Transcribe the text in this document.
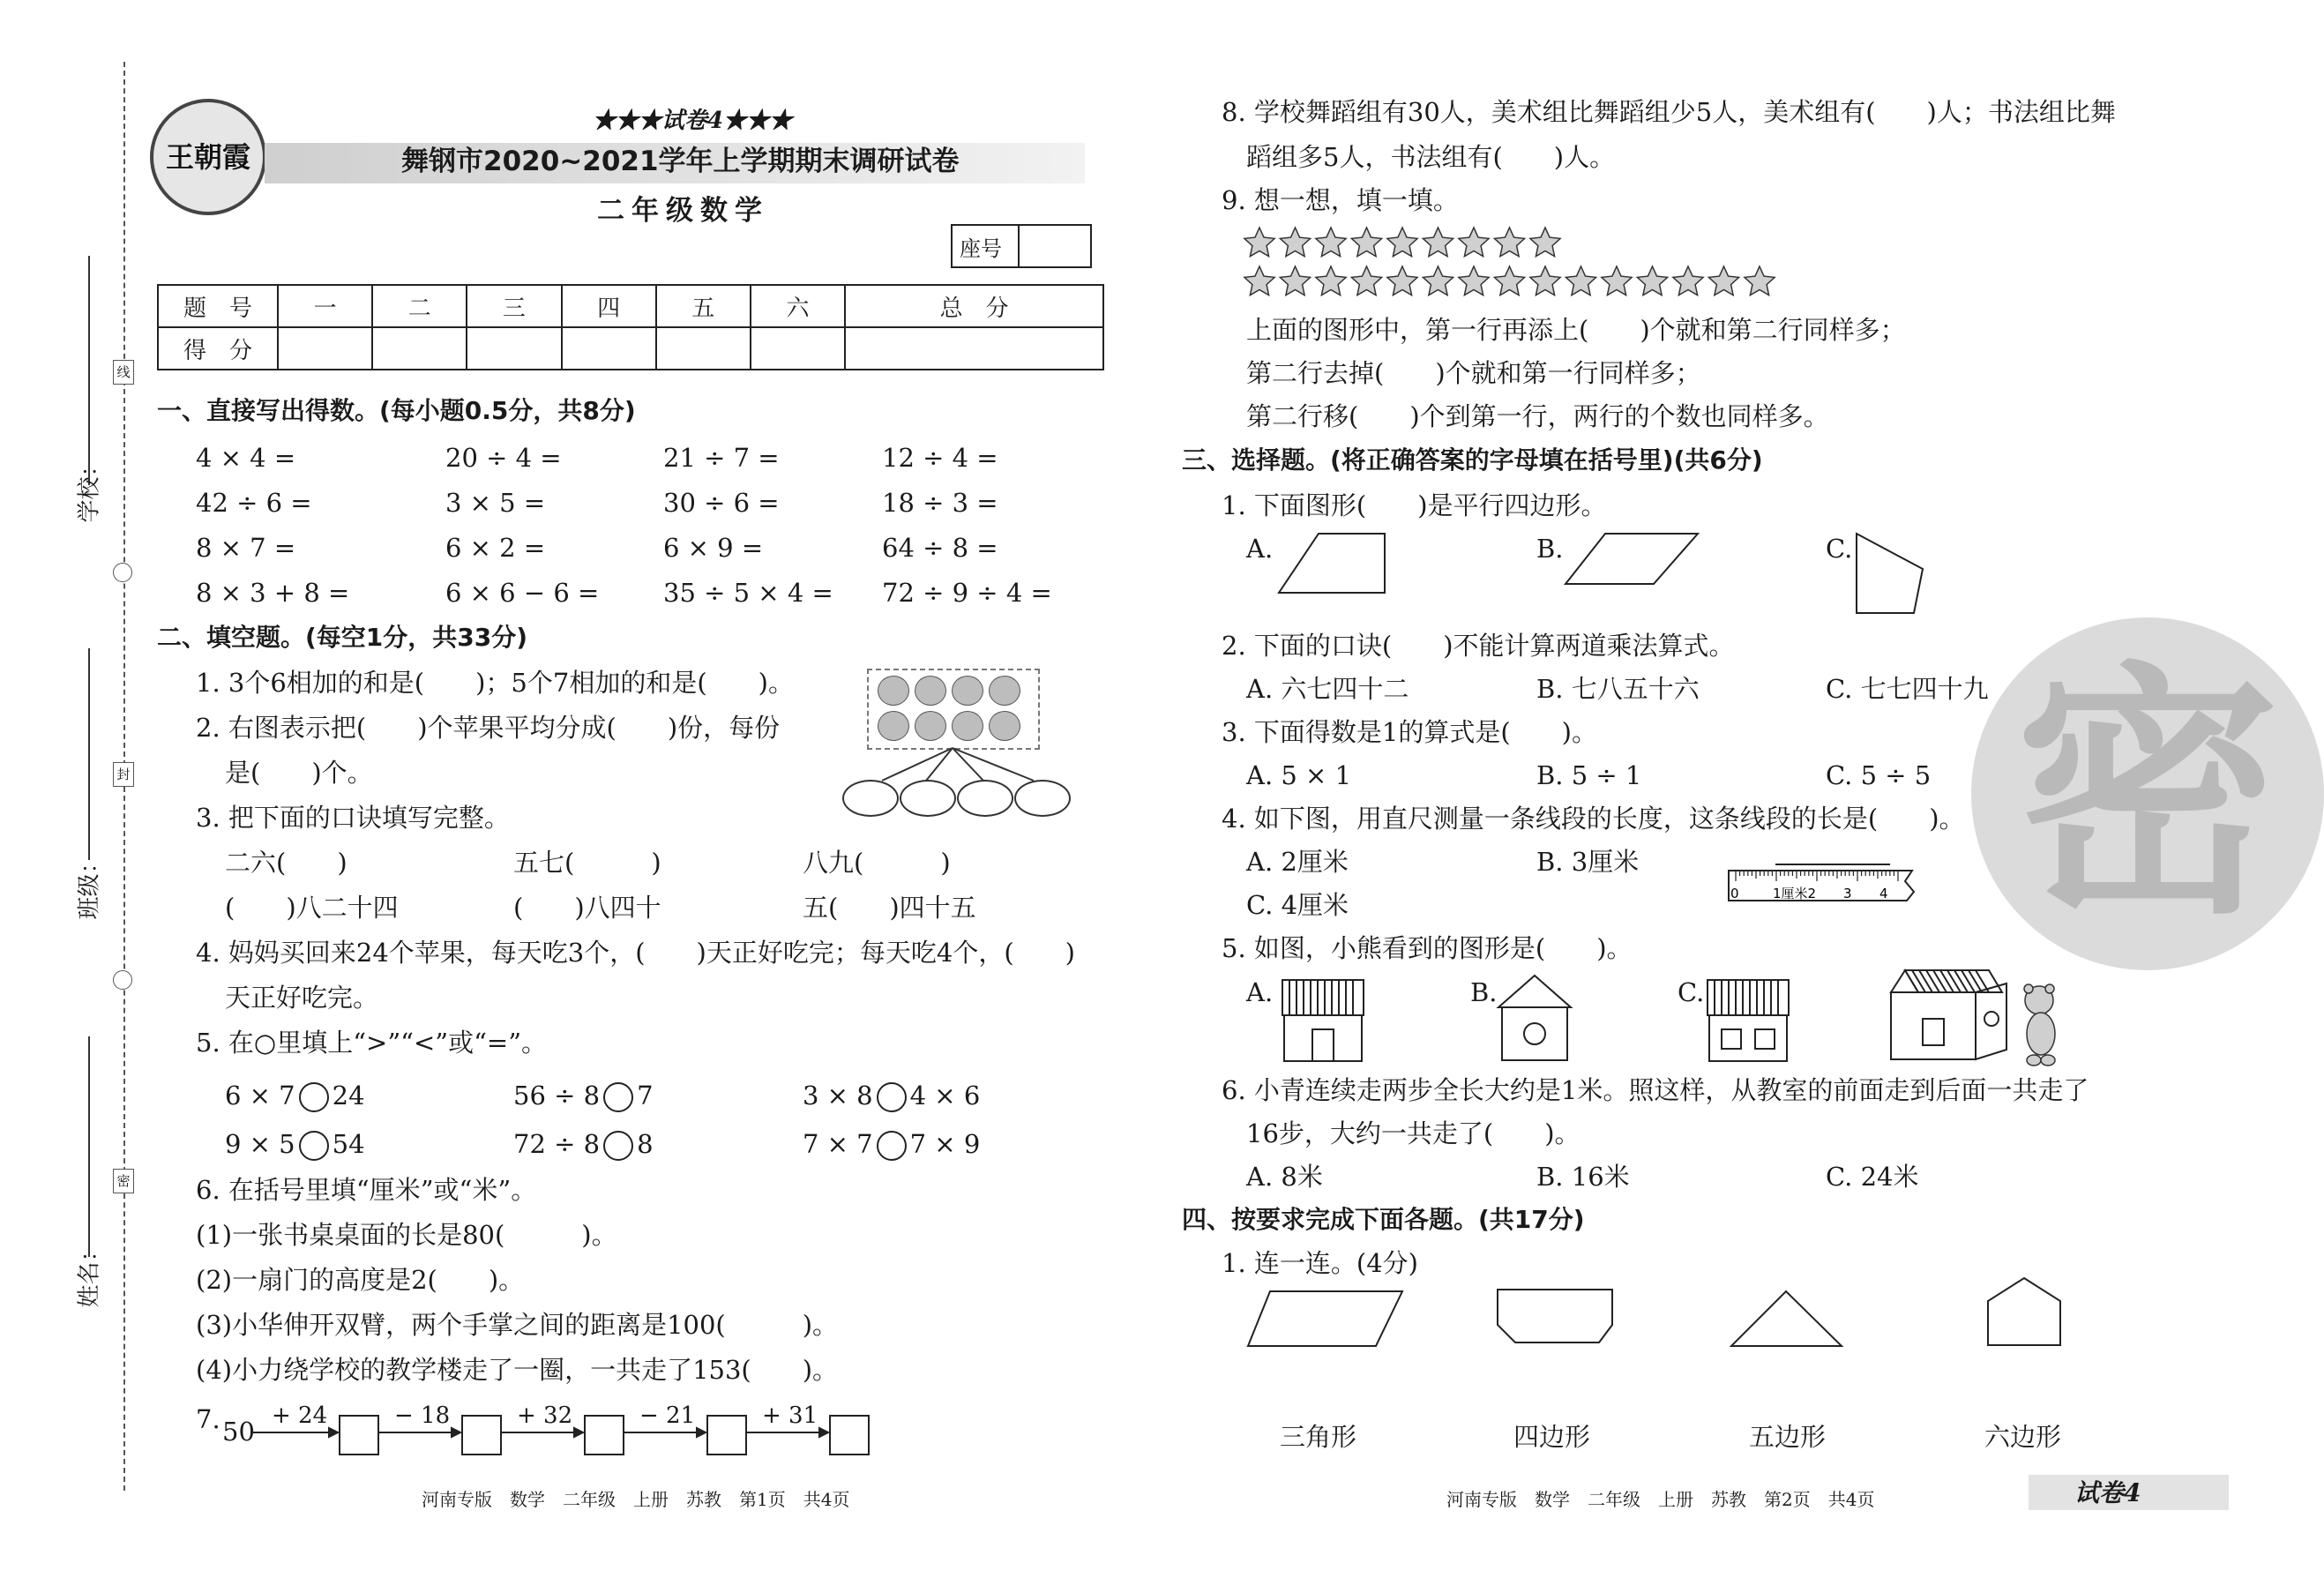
学校：
班级：
姓名：
线
封
密
王朝霞
★★★试卷4★★★
舞钢市2020~2021学年上学期期末调研试卷
二年级数学
座号
题　号	一	二	三	四	五	六	总　分
得　分							
一、直接写出得数。(每小题0.5分，共8分)
4 × 4 =	20 ÷ 4 =	21 ÷ 7 =	12 ÷ 4 =
42 ÷ 6 =	3 × 5 =	30 ÷ 6 =	18 ÷ 3 =
8 × 7 =	6 × 2 =	6 × 9 =	64 ÷ 8 =
8 × 3 + 8 =	6 × 6 − 6 =	35 ÷ 5 × 4 = 72 ÷ 9 ÷ 4 =
二、填空题。(每空1分，共33分)
1. 3个6相加的和是(　　)；5个7相加的和是(　　)。
2. 右图表示把(　　)个苹果平均分成(　　)份，每份
是(　　)个。
3. 把下面的口诀填写完整。
二六(　　)	五七(　　　)	八九(　　　)
(　　)八二十四	(　　)八四十	五(　　)四十五
4. 妈妈买回来24个苹果，每天吃3个，(　　)天正好吃完；每天吃4个，(　　)
天正好吃完。
5. 在○里填上“>”“<”或“=”。
6 × 7 24	56 ÷ 8 7	3 × 8 4 × 6
9 × 5 54	72 ÷ 8 8	7 × 7 7 × 9
6. 在括号里填“厘米”或“米”。
(1)一张书桌桌面的长是80(　　　)。
(2)一扇门的高度是2(　　)。
(3)小华伸开双臂，两个手掌之间的距离是100(　　　)。
(4)小力绕学校的教学楼走了一圈，一共走了153(　　)。
7. 50
+ 24	− 18	+ 32	− 21	+ 31
河南专版　数学　二年级　上册　苏教　第1页　共4页
密
8. 学校舞蹈组有30人，美术组比舞蹈组少5人，美术组有(　　)人；书法组比舞
蹈组多5人，书法组有(　　)人。
9. 想一想，填一填。
上面的图形中，第一行再添上(　　)个就和第二行同样多；
第二行去掉(　　)个就和第一行同样多；
第二行移(　　)个到第一行，两行的个数也同样多。
三、选择题。(将正确答案的字母填在括号里)(共6分)
1. 下面图形(　　)是平行四边形。
A.	B.	C.
2. 下面的口诀(　　)不能计算两道乘法算式。
A. 六七四十二	B. 七八五十六	C. 七七四十九
3. 下面得数是1的算式是(　　)。
A. 5 × 1	B. 5 ÷ 1	C. 5 ÷ 5
4. 如下图，用直尺测量一条线段的长度，这条线段的长是(　　)。
A. 2厘米	B. 3厘米
C. 4厘米	0	1厘米2 3 4
5. 如图，小熊看到的图形是(　　)。
A.	B.	C.
6. 小青连续走两步全长大约是1米。照这样，从教室的前面走到后面一共走了
16步，大约一共走了(　　)。
A. 8米	B. 16米	C. 24米
四、按要求完成下面各题。(共17分)
1. 连一连。(4分)
三角形	四边形	五边形	六边形
河南专版　数学　二年级　上册　苏教　第2页　共4页	试卷4
